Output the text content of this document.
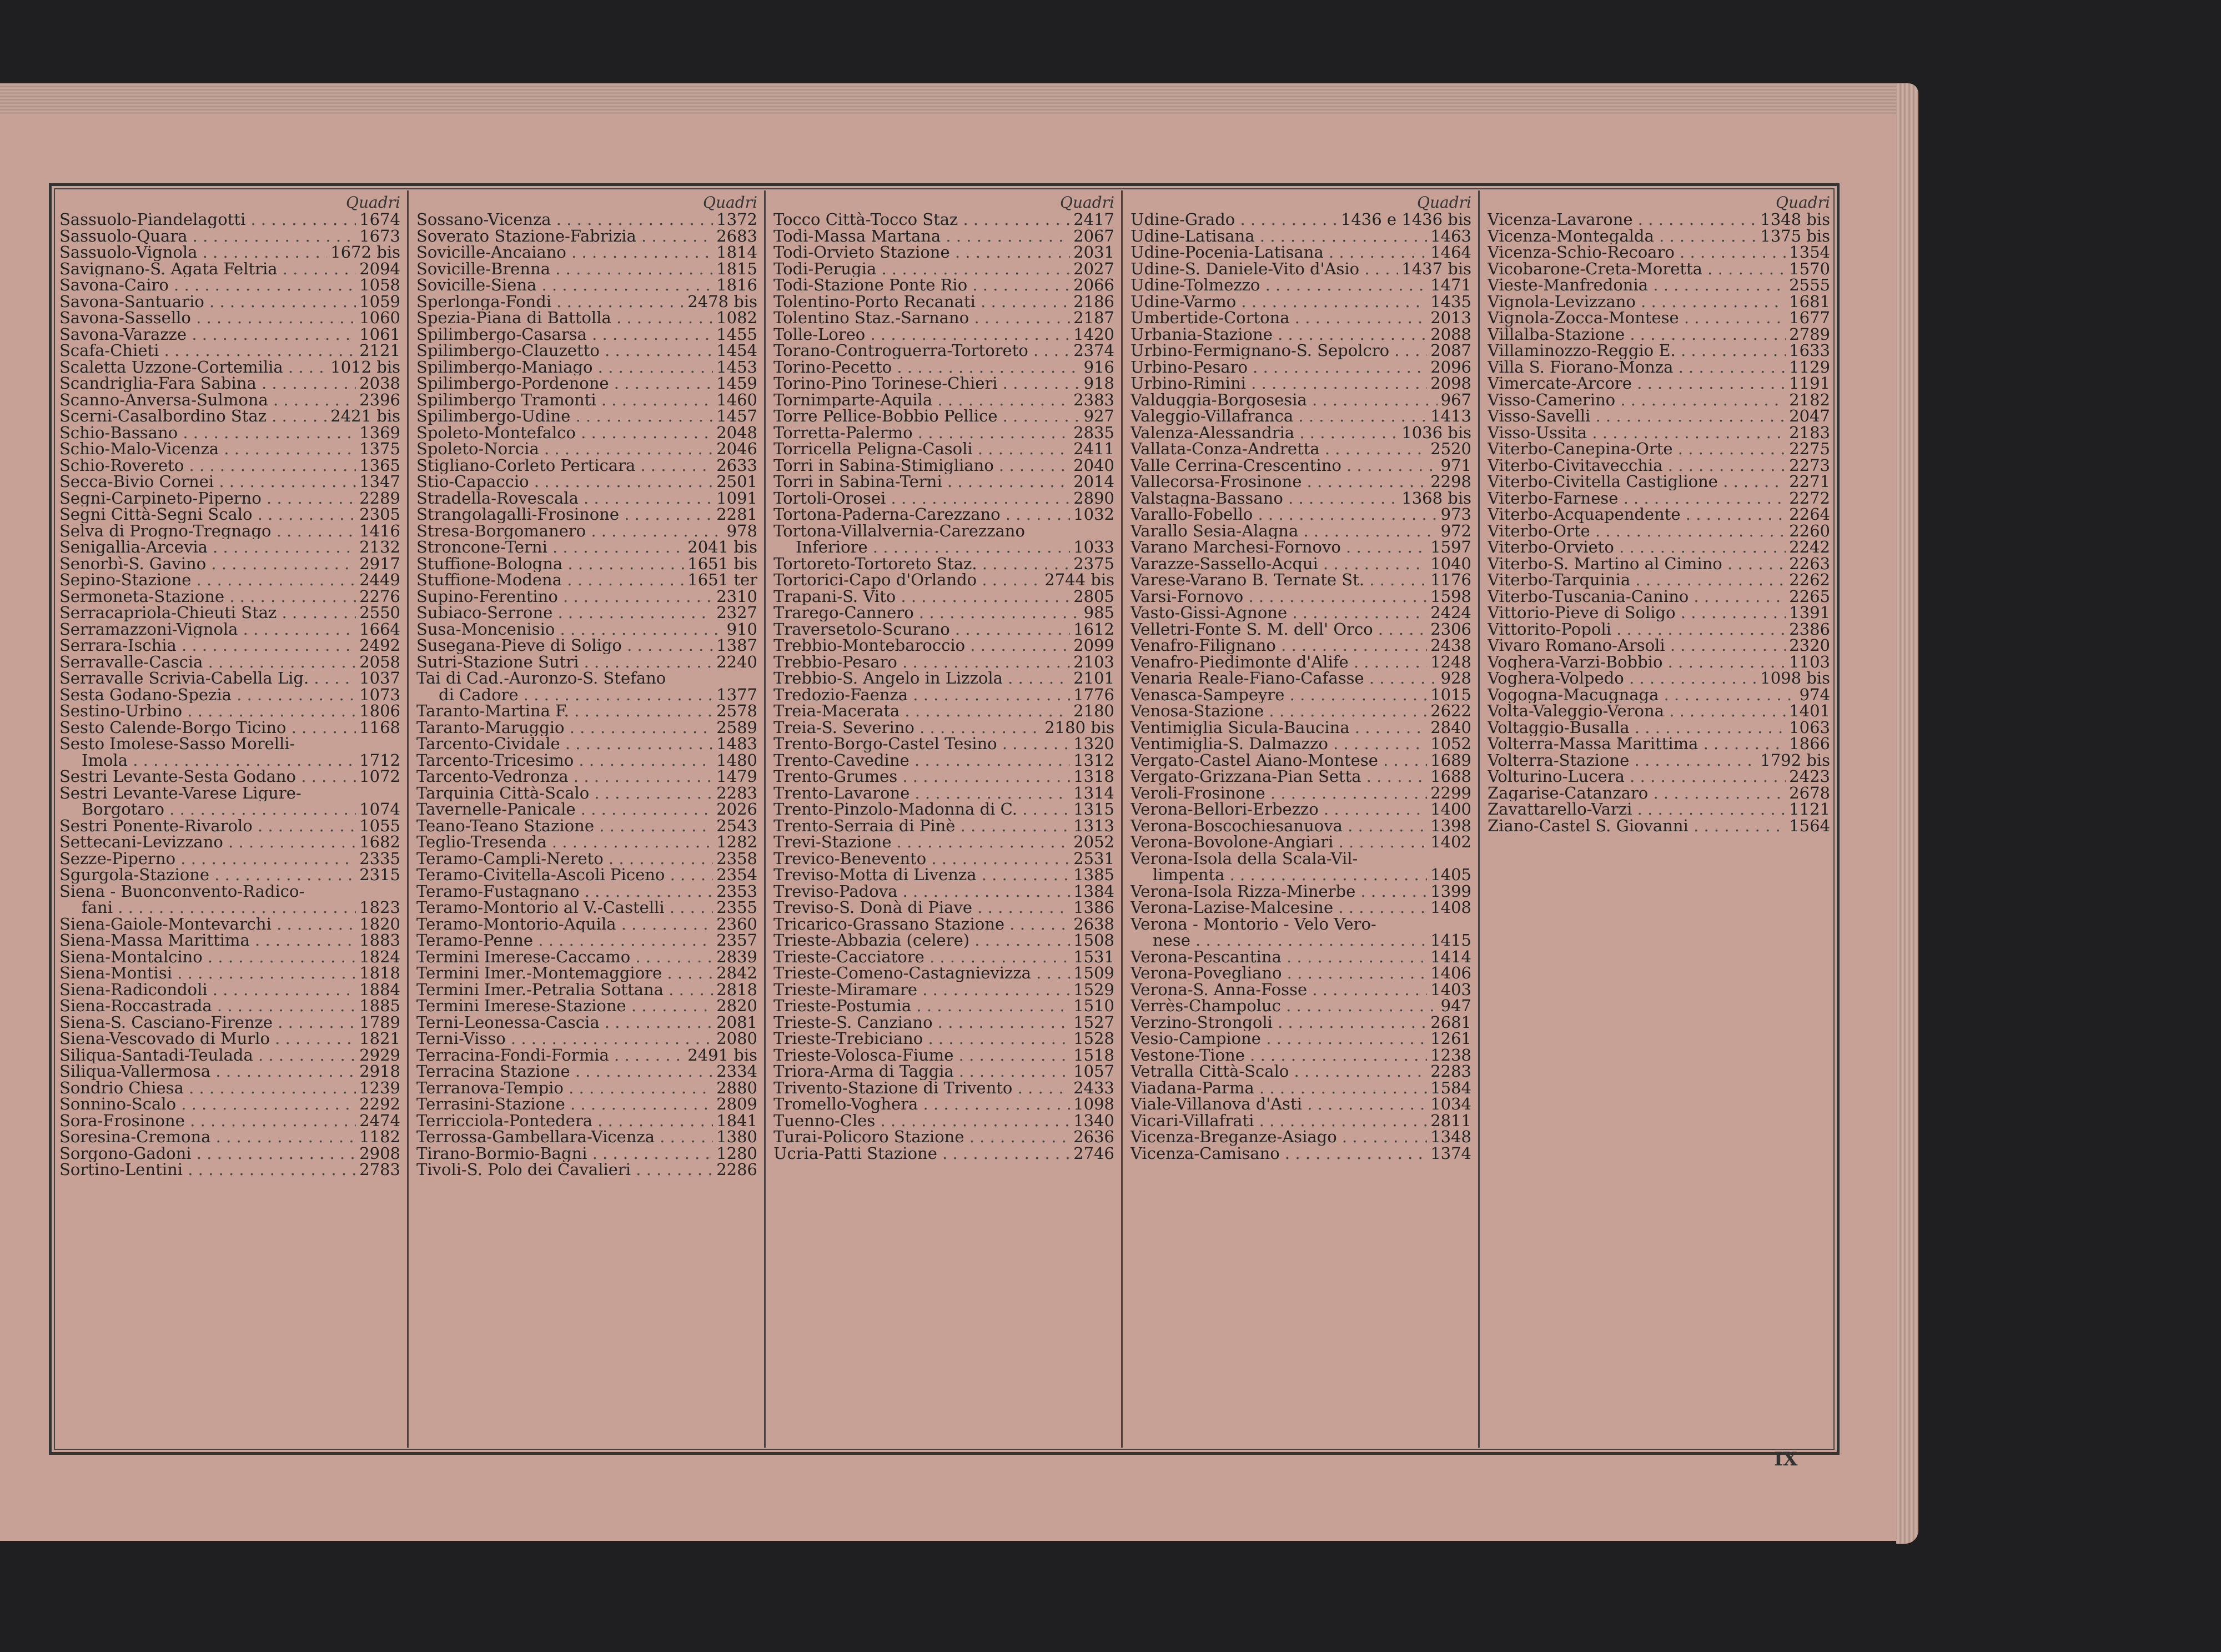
Quadri
Sassuolo-Piandelagotti . . .	1674
Sassuolo-Quara . . .	1673
Sassuolo-Vignola . . .	1672 bis
Savignano-S. Agata Feltria . . .	2094
Savona-Cairo . . .	1058
Savona-Santuario . . .	1059
Savona-Sassello . . .	1060
Savona-Varazze . . .	1061
Scafa-Chieti . . .	2121
Scaletta Uzzone-Cortemilia . . .	1012 bis
Scandriglia-Fara Sabina . . .	2038
Scanno-Anversa-Sulmona . . .	2396
Scerni-Casalbordino Staz . . .	2421 bis
Schio-Bassano . . .	1369
Schio-Malo-Vicenza . . .	1375
Schio-Rovereto . . .	1365
Secca-Bivio Cornei . . .	1347
Segni-Carpineto-Piperno . . .	2289
Segni Città-Segni Scalo . . .	2305
Selva di Progno-Tregnago . . .	1416
Senigallia-Arcevia . . .	2132
Senorbì-S. Gavino . . .	2917
Sepino-Stazione . . .	2449
Sermoneta-Stazione . . .	2276
Serracapriola-Chieuti Staz . . .	2550
Serramazzoni-Vignola . . .	1664
Serrara-Ischia . . .	2492
Serravalle-Cascia . . .	2058
Serravalle Scrivia-Cabella Lig. . . .	1037
Sesta Godano-Spezia . . .	1073
Sestino-Urbino . . .	1806
Sesto Calende-Borgo Ticino . . .	1168
Sesto Imolese-Sasso Morelli-
Imola . . .	1712
Sestri Levante-Sesta Godano . . .	1072
Sestri Levante-Varese Ligure-
Borgotaro . . .	1074
Sestri Ponente-Rivarolo . . .	1055
Settecani-Levizzano . . .	1682
Sezze-Piperno . . .	2335
Sgurgola-Stazione . . .	2315
Siena - Buonconvento-Radico-
fani . . .	1823
Siena-Gaiole-Montevarchi . . .	1820
Siena-Massa Marittima . . .	1883
Siena-Montalcino . . .	1824
Siena-Montisi . . .	1818
Siena-Radicondoli . . .	1884
Siena-Roccastrada . . .	1885
Siena-S. Casciano-Firenze . . .	1789
Siena-Vescovado di Murlo . . .	1821
Siliqua-Santadi-Teulada . . .	2929
Siliqua-Vallermosa . . .	2918
Sondrio Chiesa . . .	1239
Sonnino-Scalo . . .	2292
Sora-Frosinone . . .	2474
Soresina-Cremona . . .	1182
Sorgono-Gadoni . . .	2908
Sortino-Lentini . . .	2783
Quadri
Sossano-Vicenza . . .	1372
Soverato Stazione-Fabrizia . . .	2683
Sovicille-Ancaiano . . .	1814
Sovicille-Brenna . . .	1815
Sovicille-Siena . . .	1816
Sperlonga-Fondi . . .	2478 bis
Spezia-Piana di Battolla . . .	1082
Spilimbergo-Casarsa . . .	1455
Spilimbergo-Clauzetto . . .	1454
Spilimbergo-Maniago . . .	1453
Spilimbergo-Pordenone . . .	1459
Spilimbergo Tramonti . . .	1460
Spilimbergo-Udine . . .	1457
Spoleto-Montefalco . . .	2048
Spoleto-Norcia . . .	2046
Stigliano-Corleto Perticara . . .	2633
Stio-Capaccio . . .	2501
Stradella-Rovescala . . .	1091
Strangolagalli-Frosinone . . .	2281
Stresa-Borgomanero . . .	978
Stroncone-Terni . . .	2041 bis
Stuffione-Bologna . . .	1651 bis
Stuffione-Modena . . .	1651 ter
Supino-Ferentino . . .	2310
Subiaco-Serrone . . .	2327
Susa-Moncenisio . . .	910
Susegana-Pieve di Soligo . . .	1387
Sutri-Stazione Sutri . . .	2240
Tai di Cad.-Auronzo-S. Stefano
di Cadore . . .	1377
Taranto-Martina F. . . .	2578
Taranto-Maruggio . . .	2589
Tarcento-Cividale . . .	1483
Tarcento-Tricesimo . . .	1480
Tarcento-Vedronza . . .	1479
Tarquinia Città-Scalo . . .	2283
Tavernelle-Panicale . . .	2026
Teano-Teano Stazione . . .	2543
Teglio-Tresenda . . .	1282
Teramo-Campli-Nereto . . .	2358
Teramo-Civitella-Ascoli Piceno . . .	2354
Teramo-Fustagnano . . .	2353
Teramo-Montorio al V.-Castelli . . .	2355
Teramo-Montorio-Aquila . . .	2360
Teramo-Penne . . .	2357
Termini Imerese-Caccamo . . .	2839
Termini Imer.-Montemaggiore . . .	2842
Termini Imer.-Petralia Sottana . . .	2818
Termini Imerese-Stazione . . .	2820
Terni-Leonessa-Cascia . . .	2081
Terni-Visso . . .	2080
Terracina-Fondi-Formia . . .	2491 bis
Terracina Stazione . . .	2334
Terranova-Tempio . . .	2880
Terrasini-Stazione . . .	2809
Terricciola-Pontedera . . .	1841
Terrossa-Gambellara-Vicenza . . .	1380
Tirano-Bormio-Bagni . . .	1280
Tivoli-S. Polo dei Cavalieri . . .	2286
Quadri
Tocco Città-Tocco Staz . . .	2417
Todi-Massa Martana . . .	2067
Todi-Orvieto Stazione . . .	2031
Todi-Perugia . . .	2027
Todi-Stazione Ponte Rio . . .	2066
Tolentino-Porto Recanati . . .	2186
Tolentino Staz.-Sarnano . . .	2187
Tolle-Loreo . . .	1420
Torano-Controguerra-Tortoreto . . .	2374
Torino-Pecetto . . .	916
Torino-Pino Torinese-Chieri . . .	918
Tornimparte-Aquila . . .	2383
Torre Pellice-Bobbio Pellice . . .	927
Torretta-Palermo . . .	2835
Torricella Peligna-Casoli . . .	2411
Torri in Sabina-Stimigliano . . .	2040
Torri in Sabina-Terni . . .	2014
Tortoli-Orosei . . .	2890
Tortona-Paderna-Carezzano . . .	1032
Tortona-Villalvernia-Carezzano
Inferiore . . .	1033
Tortoreto-Tortoreto Staz. . . .	2375
Tortorici-Capo d'Orlando . . .	2744 bis
Trapani-S. Vito . . .	2805
Trarego-Cannero . . .	985
Traversetolo-Scurano . . .	1612
Trebbio-Montebaroccio . . .	2099
Trebbio-Pesaro . . .	2103
Trebbio-S. Angelo in Lizzola . . .	2101
Tredozio-Faenza . . .	1776
Treia-Macerata . . .	2180
Treia-S. Severino . . .	2180 bis
Trento-Borgo-Castel Tesino . . .	1320
Trento-Cavedine . . .	1312
Trento-Grumes . . .	1318
Trento-Lavarone . . .	1314
Trento-Pinzolo-Madonna di C. . . .	1315
Trento-Serraia di Pinè . . .	1313
Trevi-Stazione . . .	2052
Trevico-Benevento . . .	2531
Treviso-Motta di Livenza . . .	1385
Treviso-Padova . . .	1384
Treviso-S. Donà di Piave . . .	1386
Tricarico-Grassano Stazione . . .	2638
Trieste-Abbazia (celere) . . .	1508
Trieste-Cacciatore . . .	1531
Trieste-Comeno-Castagnievizza . . .	1509
Trieste-Miramare . . .	1529
Trieste-Postumia . . .	1510
Trieste-S. Canziano . . .	1527
Trieste-Trebiciano . . .	1528
Trieste-Volosca-Fiume . . .	1518
Triora-Arma di Taggia . . .	1057
Trivento-Stazione di Trivento . . .	2433
Tromello-Voghera . . .	1098
Tuenno-Cles . . .	1340
Turai-Policoro Stazione . . .	2636
Ucria-Patti Stazione . . .	2746
Quadri
Udine-Grado . . .	1436 e 1436 bis
Udine-Latisana . . .	1463
Udine-Pocenia-Latisana . . .	1464
Udine-S. Daniele-Vito d'Asio . . .	1437 bis
Udine-Tolmezzo . . .	1471
Udine-Varmo . . .	1435
Umbertide-Cortona . . .	2013
Urbania-Stazione . . .	2088
Urbino-Fermignano-S. Sepolcro . . .	2087
Urbino-Pesaro . . .	2096
Urbino-Rimini . . .	2098
Valduggia-Borgosesia . . .	967
Valeggio-Villafranca . . .	1413
Valenza-Alessandria . . .	1036 bis
Vallata-Conza-Andretta . . .	2520
Valle Cerrina-Crescentino . . .	971
Vallecorsa-Frosinone . . .	2298
Valstagna-Bassano . . .	1368 bis
Varallo-Fobello . . .	973
Varallo Sesia-Alagna . . .	972
Varano Marchesi-Fornovo . . .	1597
Varazze-Sassello-Acqui . . .	1040
Varese-Varano B. Ternate St. . . .	1176
Varsi-Fornovo . . .	1598
Vasto-Gissi-Agnone . . .	2424
Velletri-Fonte S. M. dell' Orco . . .	2306
Venafro-Filignano . . .	2438
Venafro-Piedimonte d'Alife . . .	1248
Venaria Reale-Fiano-Cafasse . . .	928
Venasca-Sampeyre . . .	1015
Venosa-Stazione . . .	2622
Ventimiglia Sicula-Baucina . . .	2840
Ventimiglia-S. Dalmazzo . . .	1052
Vergato-Castel Aiano-Montese . . .	1689
Vergato-Grizzana-Pian Setta . . .	1688
Veroli-Frosinone . . .	2299
Verona-Bellori-Erbezzo . . .	1400
Verona-Boscochiesanuova . . .	1398
Verona-Bovolone-Angiari . . .	1402
Verona-Isola della Scala-Vil-
limpenta . . .	1405
Verona-Isola Rizza-Minerbe . . .	1399
Verona-Lazise-Malcesine . . .	1408
Verona - Montorio - Velo Vero-
nese . . .	1415
Verona-Pescantina . . .	1414
Verona-Povegliano . . .	1406
Verona-S. Anna-Fosse . . .	1403
Verrès-Champoluc . . .	947
Verzino-Strongoli . . .	2681
Vesio-Campione . . .	1261
Vestone-Tione . . .	1238
Vetralla Città-Scalo . . .	2283
Viadana-Parma . . .	1584
Viale-Villanova d'Asti . . .	1034
Vicari-Villafrati . . .	2811
Vicenza-Breganze-Asiago . . .	1348
Vicenza-Camisano . . .	1374
Quadri
Vicenza-Lavarone . . .	1348 bis
Vicenza-Montegalda . . .	1375 bis
Vicenza-Schio-Recoaro . . .	1354
Vicobarone-Creta-Moretta . . .	1570
Vieste-Manfredonia . . .	2555
Vignola-Levizzano . . .	1681
Vignola-Zocca-Montese . . .	1677
Villalba-Stazione . . .	2789
Villaminozzo-Reggio E. . . .	1633
Villa S. Fiorano-Monza . . .	1129
Vimercate-Arcore . . .	1191
Visso-Camerino . . .	2182
Visso-Savelli . . .	2047
Visso-Ussita . . .	2183
Viterbo-Canepina-Orte . . .	2275
Viterbo-Civitavecchia . . .	2273
Viterbo-Civitella Castiglione . . .	2271
Viterbo-Farnese . . .	2272
Viterbo-Acquapendente . . .	2264
Viterbo-Orte . . .	2260
Viterbo-Orvieto . . .	2242
Viterbo-S. Martino al Cimino . . .	2263
Viterbo-Tarquinia . . .	2262
Viterbo-Tuscania-Canino . . .	2265
Vittorio-Pieve di Soligo . . .	1391
Vittorito-Popoli . . .	2386
Vivaro Romano-Arsoli . . .	2320
Voghera-Varzi-Bobbio . . .	1103
Voghera-Volpedo . . .	1098 bis
Vogogna-Macugnaga . . .	974
Volta-Valeggio-Verona . . .	1401
Voltaggio-Busalla . . .	1063
Volterra-Massa Marittima . . .	1866
Volterra-Stazione . . .	1792 bis
Volturino-Lucera . . .	2423
Zagarise-Catanzaro . . .	2678
Zavattarello-Varzi . . .	1121
Ziano-Castel S. Giovanni . . .	1564
IX
